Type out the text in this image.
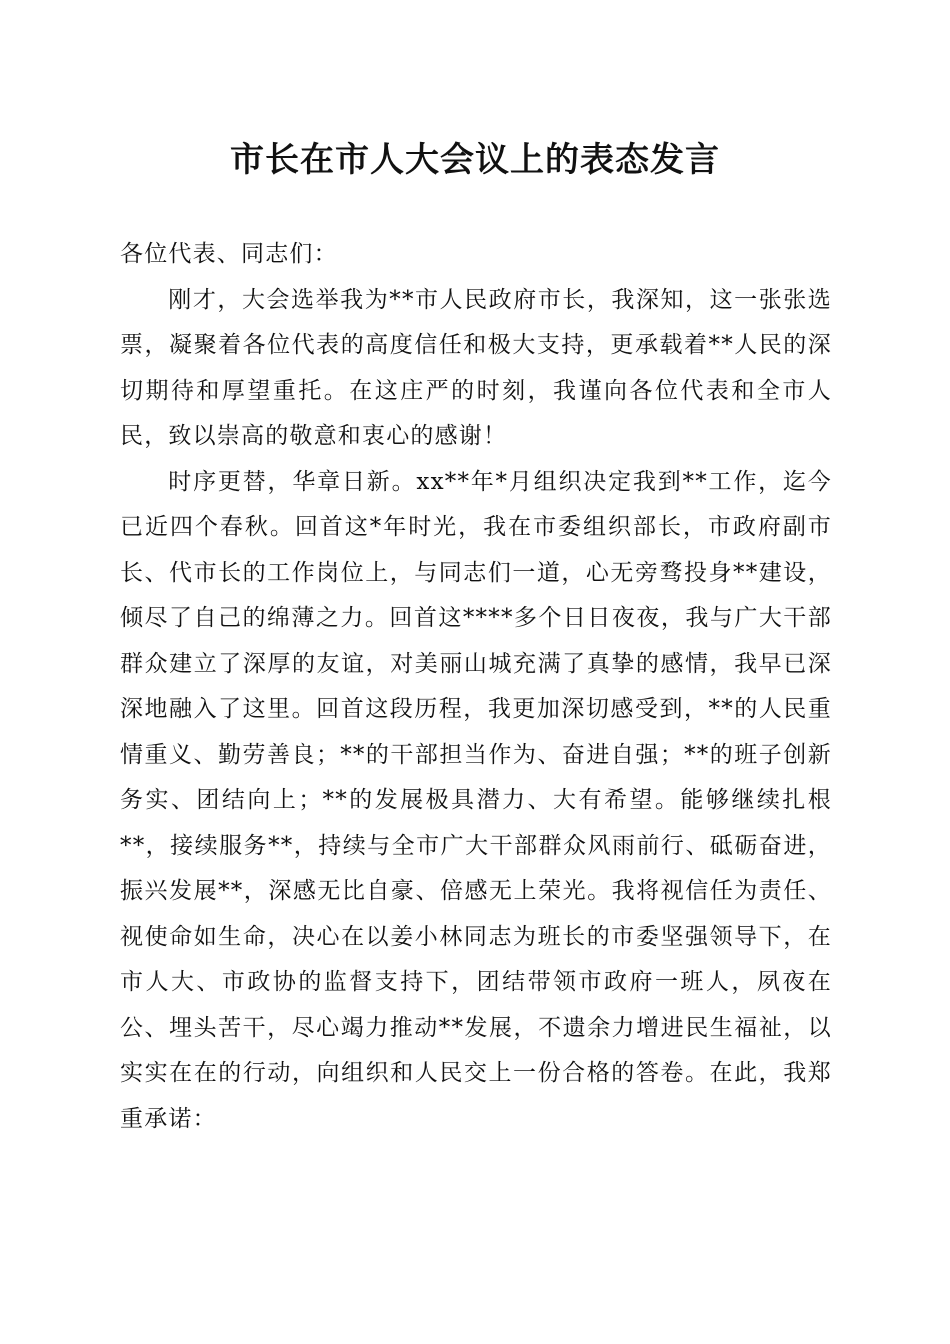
市长在市人大会议上的表态发言

各位代表、同志们：

刚才，大会选举我为**市人民政府市长，我深知，这一张张选票，凝聚着各位代表的高度信任和极大支持，更承载着**人民的深切期待和厚望重托。在这庄严的时刻，我谨向各位代表和全市人民，致以崇高的敬意和衷心的感谢！

时序更替，华章日新。xx**年*月组织决定我到**工作，迄今已近四个春秋。回首这*年时光，我在市委组织部长，市政府副市长、代市长的工作岗位上，与同志们一道，心无旁骛投身**建设，倾尽了自己的绵薄之力。回首这****多个日日夜夜，我与广大干部群众建立了深厚的友谊，对美丽山城充满了真挚的感情，我早已深深地融入了这里。回首这段历程，我更加深切感受到，**的人民重情重义、勤劳善良；**的干部担当作为、奋进自强；**的班子创新务实、团结向上；**的发展极具潜力、大有希望。能够继续扎根**，接续服务**，持续与全市广大干部群众风雨前行、砥砺奋进，振兴发展**，深感无比自豪、倍感无上荣光。我将视信任为责任、视使命如生命，决心在以姜小林同志为班长的市委坚强领导下，在市人大、市政协的监督支持下，团结带领市政府一班人，夙夜在公、埋头苦干，尽心竭力推动**发展，不遗余力增进民生福祉，以实实在在的行动，向组织和人民交上一份合格的答卷。在此，我郑重承诺：
